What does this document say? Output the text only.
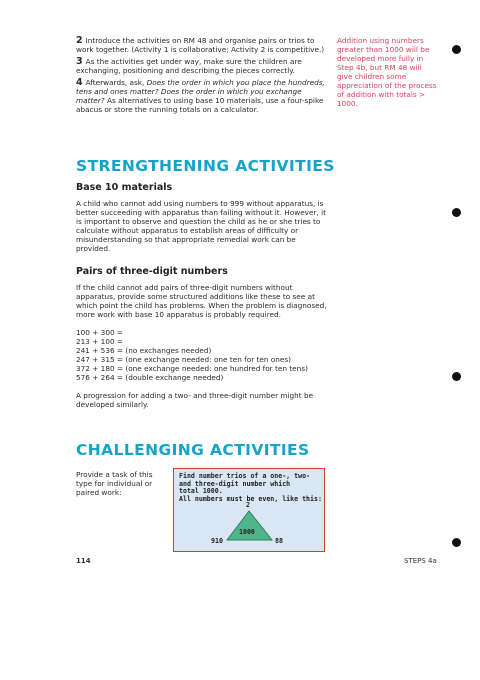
2 Introduce the activities on RM 48 and organise pairs or trios to work together. (Activity 1 is collaborative; Activity 2 is competitive.)

3 As the activities get under way, make sure the children are exchanging, positioning and describing the pieces correctly.

4 Afterwards, ask, Does the order in which you place the hundreds, tens and ones matter? Does the order in which you exchange matter? As alternatives to using base 10 materials, use a four-spike abacus or store the running totals on a calculator.

Addition using numbers greater than 1000 will be developed more fully in Step 4b, but RM 48 will give children some appreciation of the process of addition with totals > 1000.
STRENGTHENING ACTIVITIES
Base 10 materials

A child who cannot add using numbers to 999 without apparatus, is better succeeding with apparatus than failing without it. However, it is important to observe and question the child as he or she tries to calculate without apparatus to establish areas of difficulty or misunderstanding so that appropriate remedial work can be provided.

Pairs of three-digit numbers

If the child cannot add pairs of three-digit numbers without apparatus, provide some structured additions like these to see at which point the child has problems. When the problem is diagnosed, more work with base 10 apparatus is probably required.

100 + 300 =
213 + 100 =
241 + 536 = (no exchanges needed)
247 + 315 = (one exchange needed: one ten for ten ones)
372 + 180 = (one exchange needed: one hundred for ten tens)
576 + 264 = (double exchange needed)

A progression for adding a two- and three-digit number might be developed similarly.

CHALLENGING ACTIVITIES

Provide a task of this type for individual or paired work:

Find number trios of a one-, two-
and three-digit number which
total 1000.
All numbers must be even, like this:
2
1000
910	88
114	STEPS 4a
